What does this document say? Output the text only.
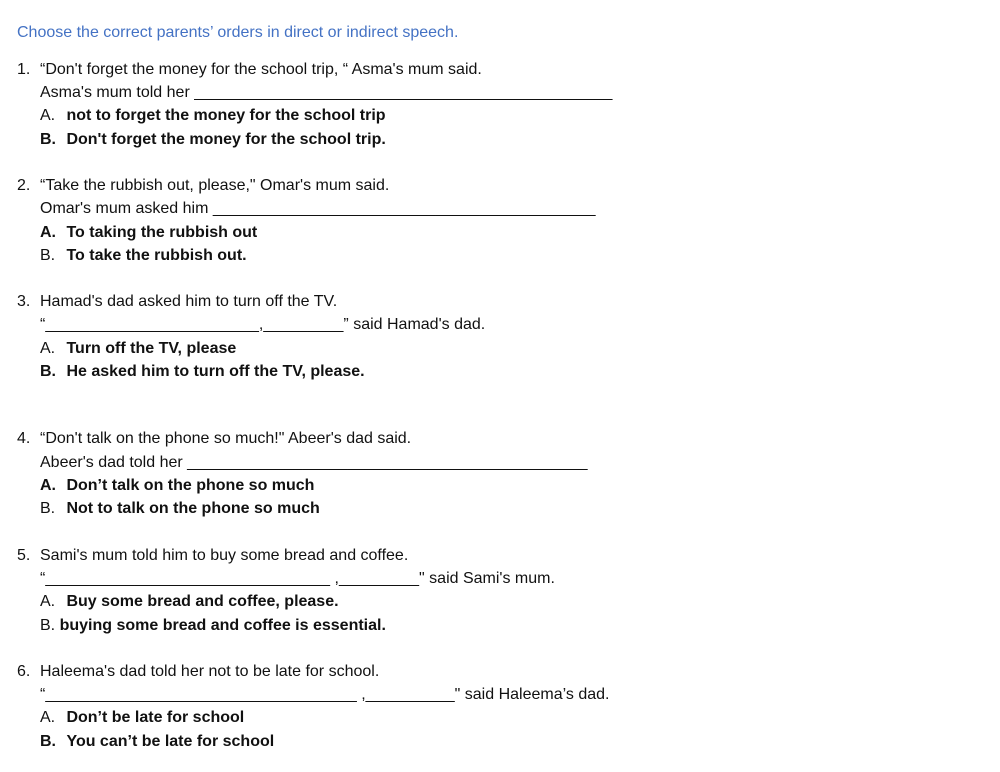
Choose the correct parents’ orders in direct or indirect speech.
1. “Don't forget the money for the school trip, “ Asma's mum said.
Asma's mum told her _______________________________________________
A. not to forget the money for the school trip
B. Don't forget the money for the school trip.
2. “Take the rubbish out, please," Omar's mum said.
Omar's mum asked him ___________________________________________
A. To taking the rubbish out
B. To take the rubbish out.
3. Hamad's dad asked him to turn off the TV.
“________________________,_________” said Hamad's dad.
A. Turn off the TV, please
B. He asked him to turn off the TV, please.
4. “Don't talk on the phone so much!" Abeer's dad said.
Abeer's dad told her _____________________________________________
A. Don’t talk on the phone so much
B. Not to talk on the phone so much
5. Sami's mum told him to buy some bread and coffee.
“________________________________ ,_________" said Sami's mum.
A. Buy some bread and coffee, please.
B. buying some bread and coffee is essential.
6. Haleema's dad told her not to be late for school.
“___________________________________ ,__________" said Haleema’s dad.
A. Don’t be late for school
B. You can’t be late for school
